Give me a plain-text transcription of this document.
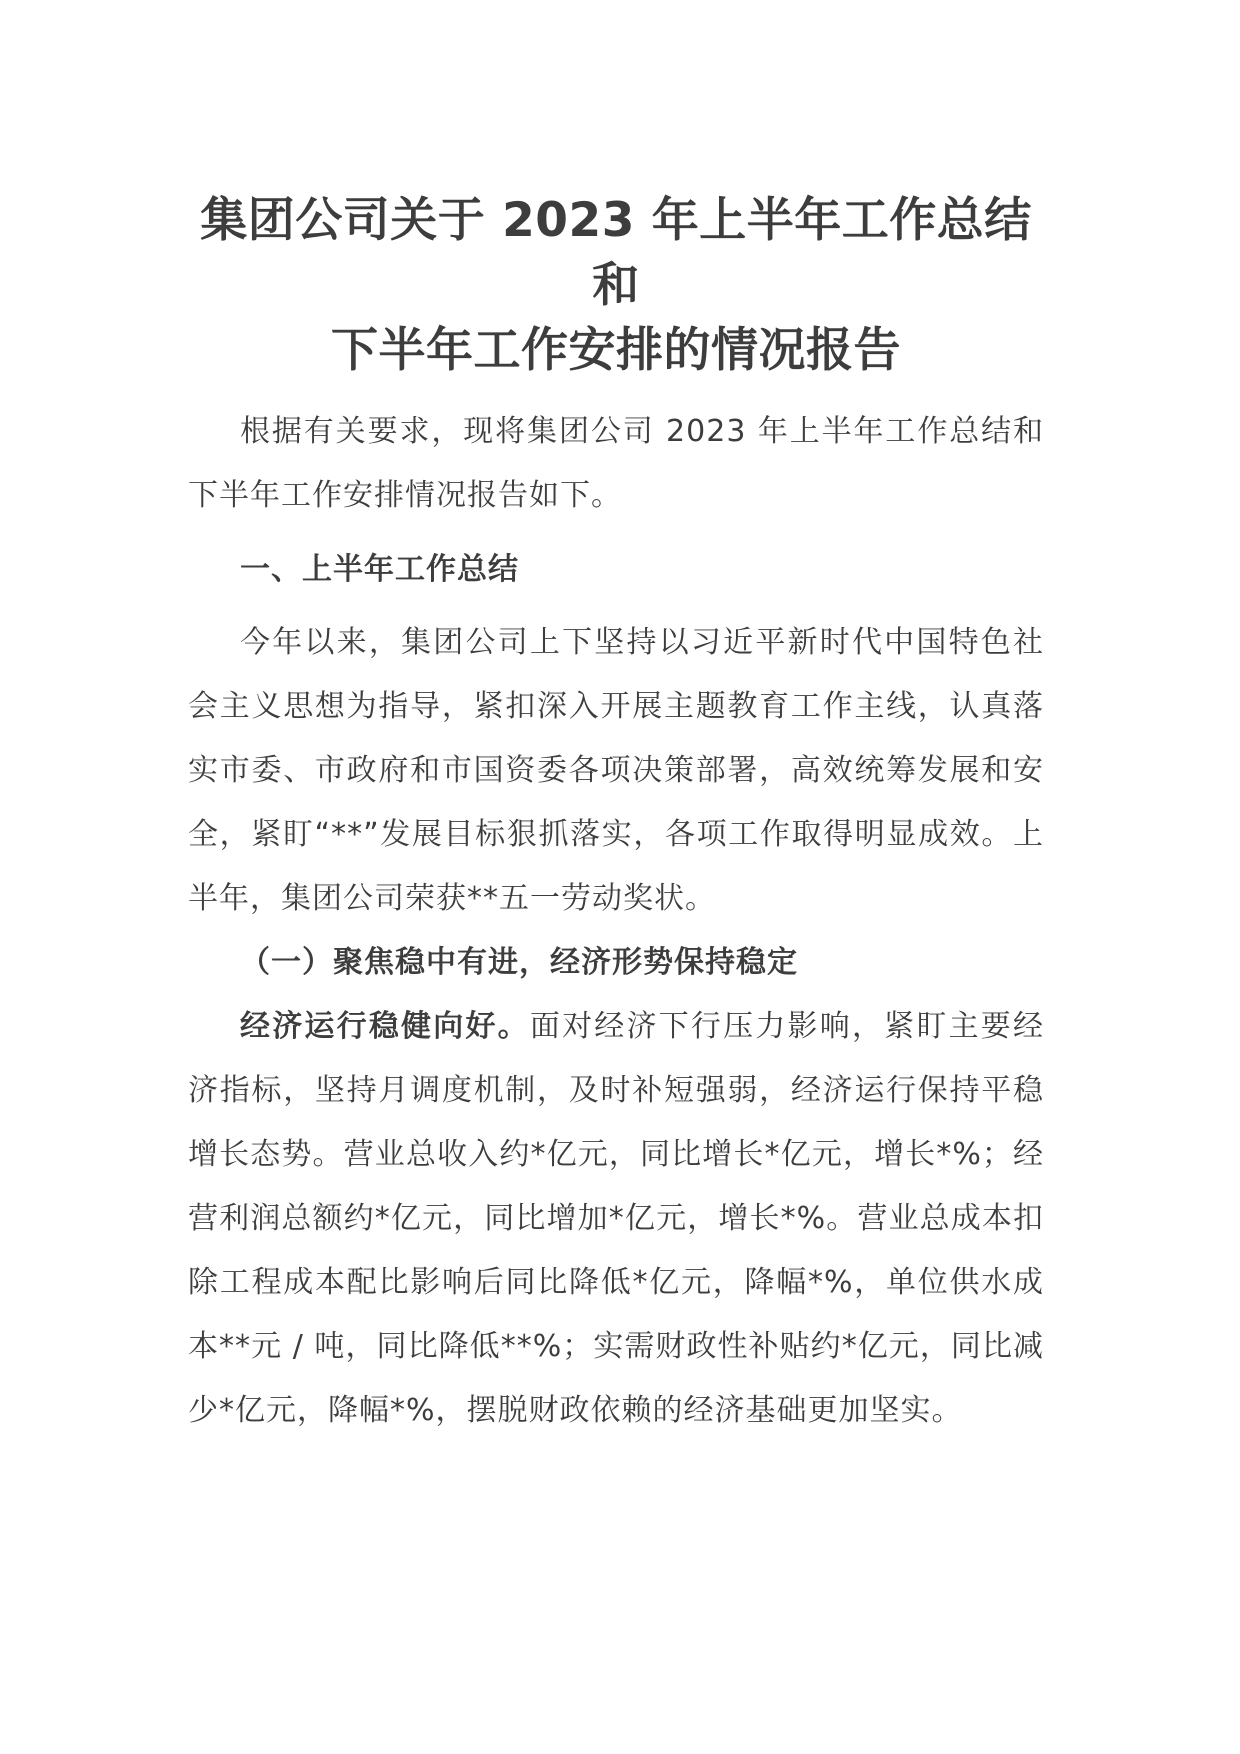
集团公司关于 2023 年上半年工作总结和
下半年工作安排的情况报告

根据有关要求，现将集团公司 2023 年上半年工作总结和下半年工作安排情况报告如下。

一、上半年工作总结

今年以来，集团公司上下坚持以习近平新时代中国特色社会主义思想为指导，紧扣深入开展主题教育工作主线，认真落实市委、市政府和市国资委各项决策部署，高效统筹发展和安全，紧盯“**”发展目标狠抓落实，各项工作取得明显成效。上半年，集团公司荣获**五一劳动奖状。

（一）聚焦稳中有进，经济形势保持稳定

经济运行稳健向好。面对经济下行压力影响，紧盯主要经济指标，坚持月调度机制，及时补短强弱，经济运行保持平稳增长态势。营业总收入约*亿元，同比增长*亿元，增长*%；经营利润总额约*亿元，同比增加*亿元，增长*%。营业总成本扣除工程成本配比影响后同比降低*亿元，降幅*%，单位供水成本**元 / 吨，同比降低**%；实需财政性补贴约*亿元，同比减少*亿元，降幅*%，摆脱财政依赖的经济基础更加坚实。
